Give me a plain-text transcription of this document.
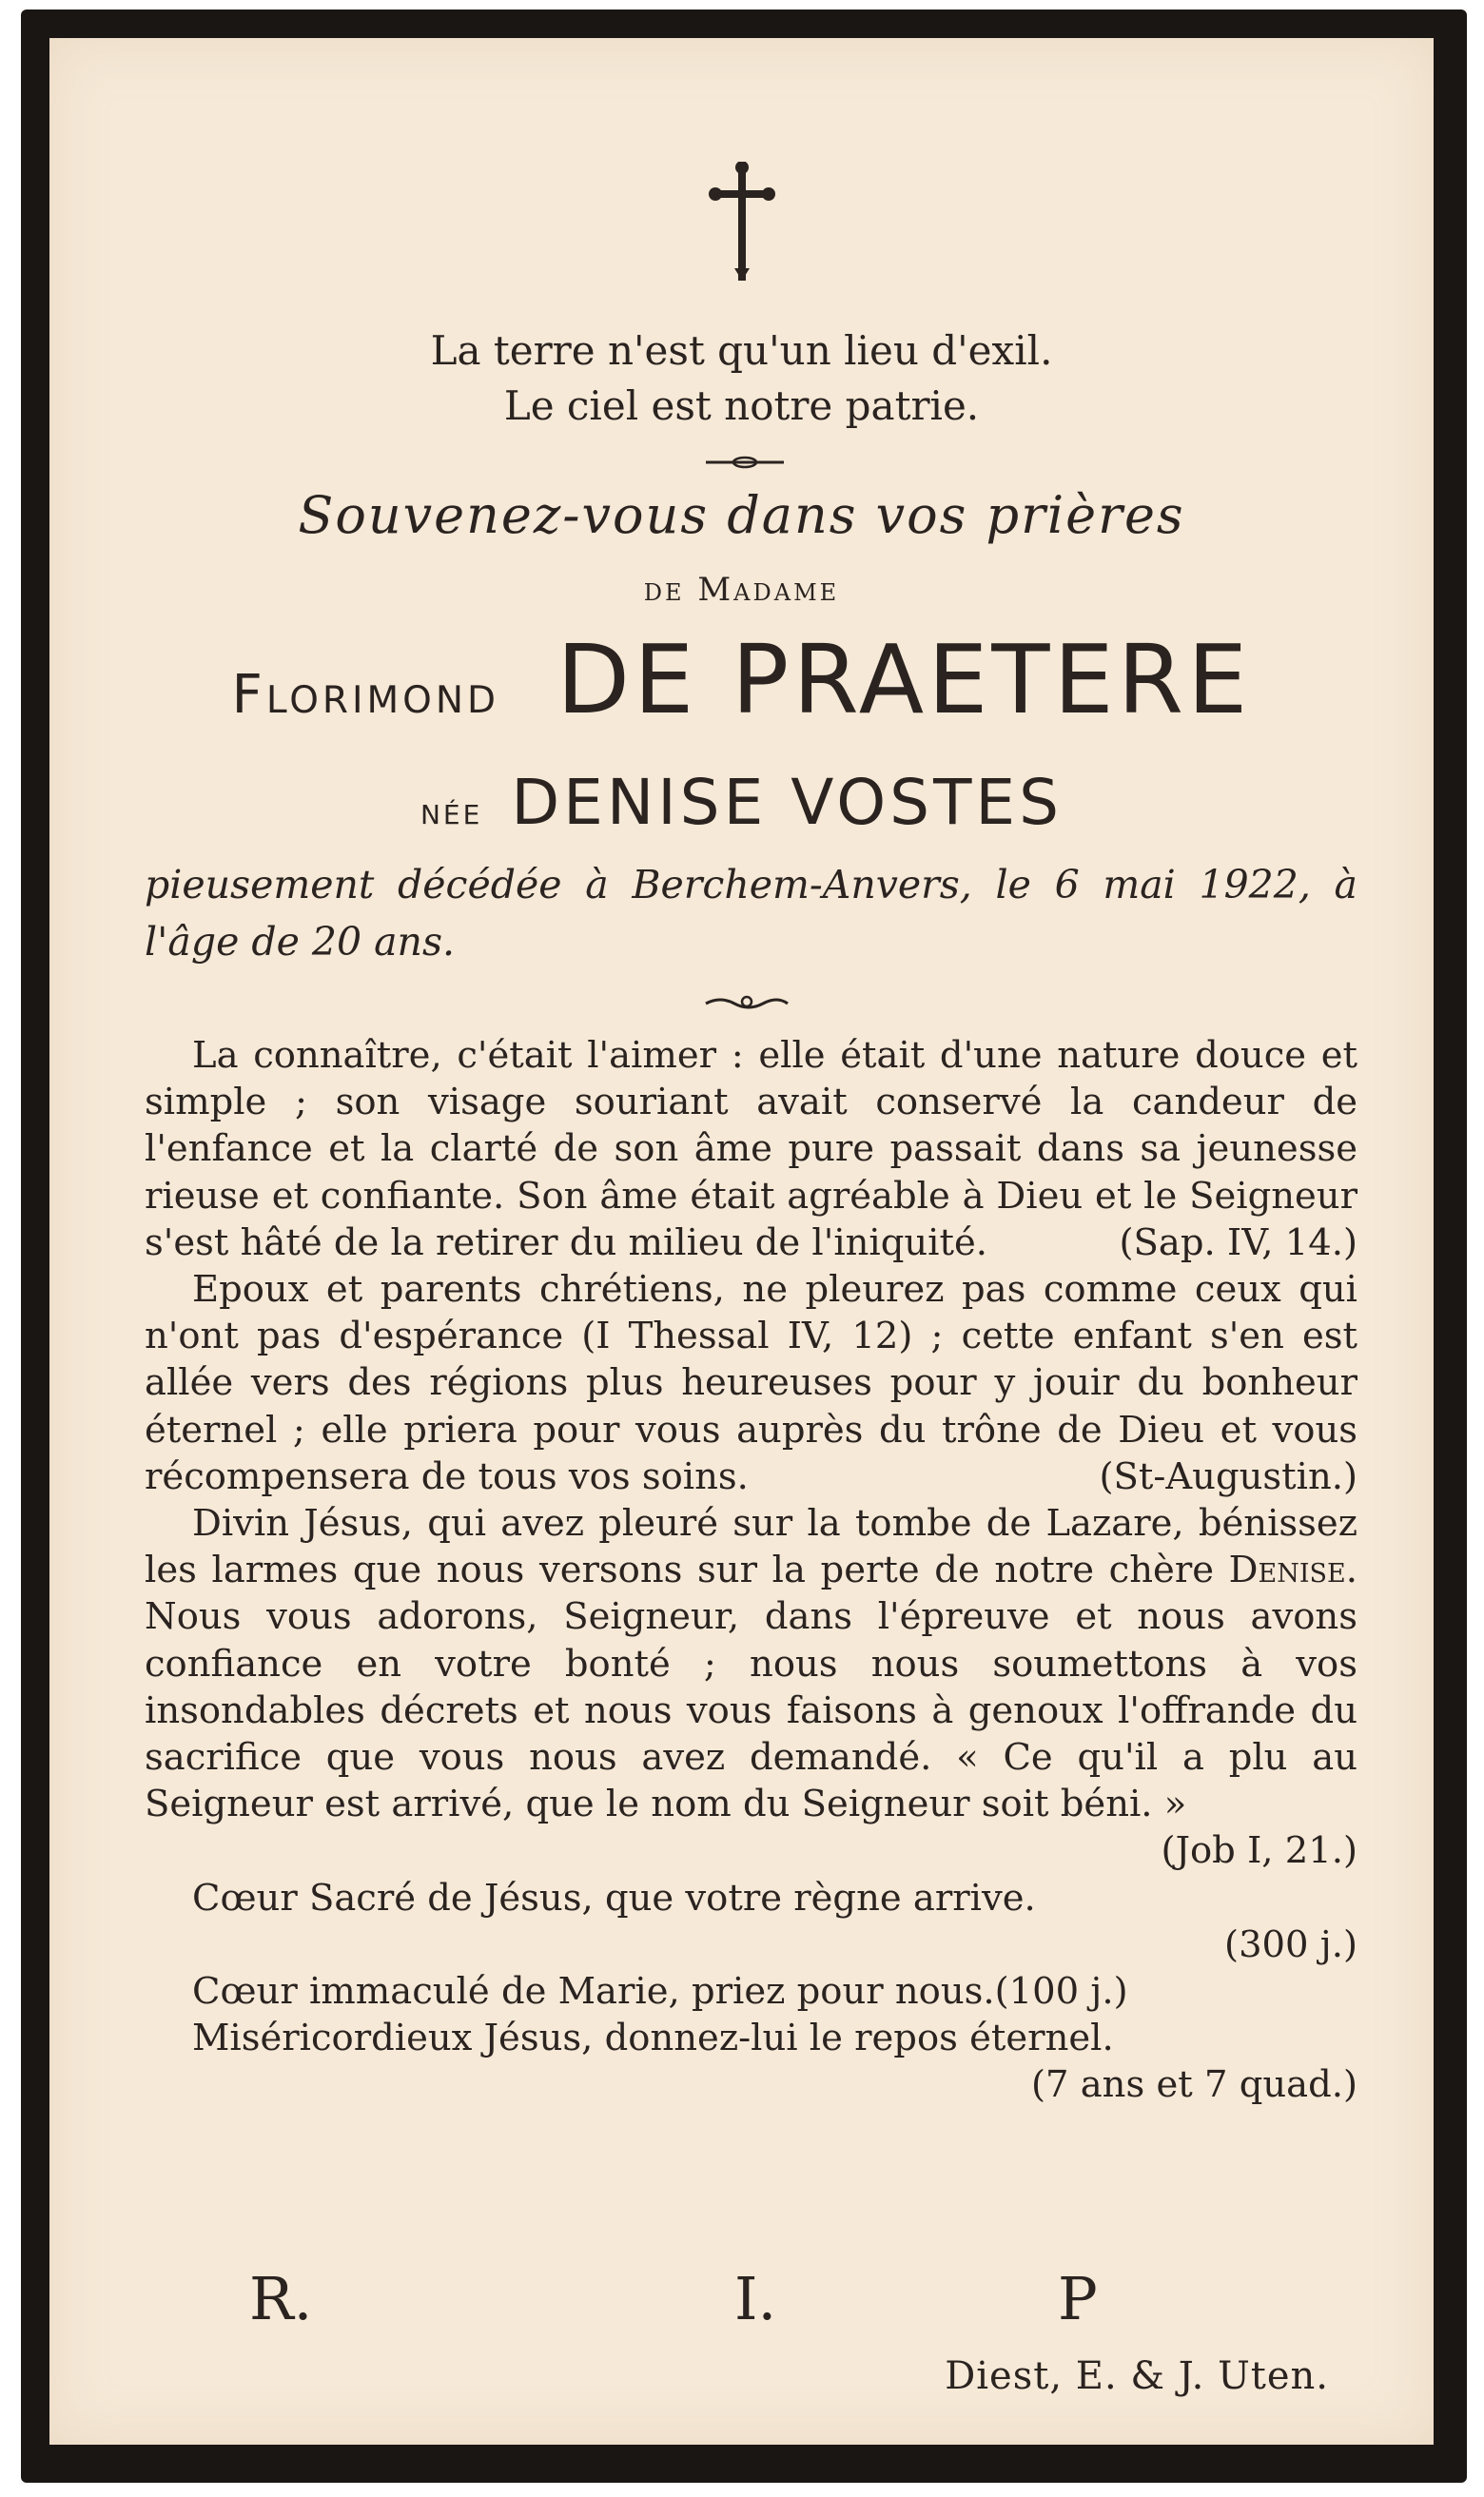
La terre n'est qu'un lieu d'exil.
Le ciel est notre patrie.
Souvenez-vous dans vos prières
de Madame
Florimond DE PRAETERE
née DENISE VOSTES
pieusement décédée à Berchem-Anvers, le 6 mai 1922, à l'âge de 20 ans.

La connaître, c'était l'aimer : elle était d'une nature douce et simple ; son visage souriant avait conservé la candeur de l'enfance et la clarté de son âme pure passait dans sa jeunesse rieuse et confiante. Son âme était agréable à Dieu et le Seigneur s'est hâté de la retirer du milieu de l'iniquité.	(Sap. IV, 14.)

Epoux et parents chrétiens, ne pleurez pas comme ceux qui n'ont pas d'espérance (I Thessal IV, 12) ; cette enfant s'en est allée vers des régions plus heureuses pour y jouir du bonheur éternel ; elle priera pour vous auprès du trône de Dieu et vous récompensera de tous vos soins.	(St-Augustin.)

Divin Jésus, qui avez pleuré sur la tombe de Lazare, bénissez les larmes que nous versons sur la perte de notre chère Denise. Nous vous adorons, Seigneur, dans l'épreuve et nous avons confiance en votre bonté ; nous nous soumettons à vos insondables décrets et nous vous faisons à genoux l'offrande du sacrifice que vous nous avez demandé. « Ce qu'il a plu au Seigneur est arrivé, que le nom du Seigneur soit béni. »

(Job I, 21.)

Cœur Sacré de Jésus, que votre règne arrive.

(300 j.)

Cœur immaculé de Marie, priez pour nous.(100 j.)

Miséricordieux Jésus, donnez-lui le repos éternel.

(7 ans et 7 quad.)

R.	I.	P
Diest, E. & J. Uten.
